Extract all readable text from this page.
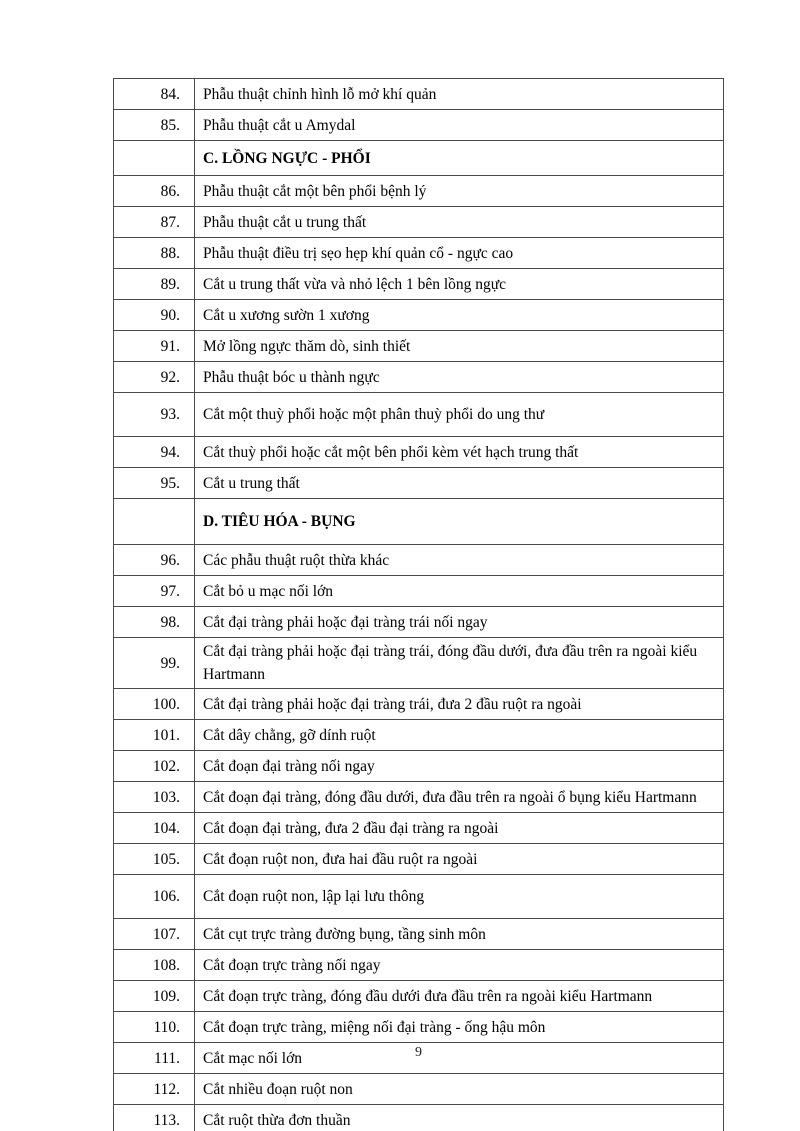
84.	Phẫu thuật chỉnh hình lỗ mở khí quản
85.	Phẫu thuật cắt u Amydal
	C. LỒNG NGỰC - PHỔI
86.	Phẫu thuật cắt một bên phổi bệnh lý
87.	Phẫu thuật cắt u trung thất
88.	Phẫu thuật điều trị sẹo hẹp khí quản cổ - ngực cao
89.	Cắt u trung thất vừa và nhỏ lệch 1 bên lồng ngực
90.	Cắt u xương sườn 1 xương
91.	Mở lồng ngực thăm dò, sinh thiết
92.	Phẫu thuật bóc u thành ngực
93.	Cắt một thuỳ phổi hoặc một phân thuỳ phổi do ung thư
94.	Cắt thuỳ phổi hoặc cắt một bên phổi kèm vét hạch trung thất
95.	Cắt u trung thất
	D. TIÊU HÓA - BỤNG
96.	Các phẫu thuật ruột thừa khác
97.	Cắt bỏ u mạc nối lớn
98.	Cắt đại tràng phải hoặc đại tràng trái nối ngay
99.	Cắt đại tràng phải hoặc đại tràng trái, đóng đầu dưới, đưa đầu trên ra ngoài kiểu Hartmann
100.	Cắt đại tràng phải hoặc đại tràng trái, đưa 2 đầu ruột ra ngoài
101.	Cắt dây chằng, gỡ dính ruột
102.	Cắt đoạn đại tràng nối ngay
103.	Cắt đoạn đại tràng, đóng đầu dưới, đưa đầu trên ra ngoài ổ bụng kiểu Hartmann
104.	Cắt đoạn đại tràng, đưa 2 đầu đại tràng ra ngoài
105.	Cắt đoạn ruột non, đưa hai đầu ruột ra ngoài
106.	Cắt đoạn ruột non, lập lại lưu thông
107.	Cắt cụt trực tràng đường bụng, tầng sinh môn
108.	Cắt đoạn trực tràng nối ngay
109.	Cắt đoạn trực tràng, đóng đầu dưới đưa đầu trên ra ngoài kiểu Hartmann
110.	Cắt đoạn trực tràng, miệng nối đại tràng - ống hậu môn
111.	Cắt mạc nối lớn
112.	Cắt nhiều đoạn ruột non
113.	Cắt ruột thừa đơn thuần
9
